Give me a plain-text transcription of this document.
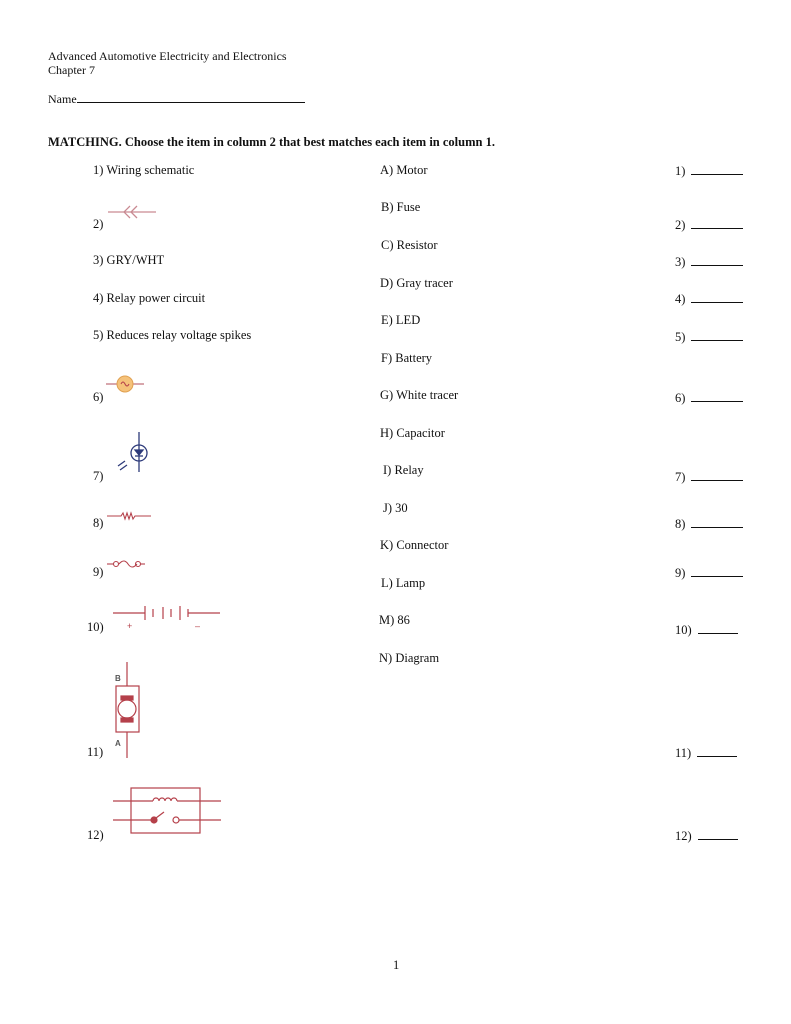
Advanced Automotive Electricity and Electronics
Chapter 7
Name
MATCHING. Choose the item in column 2 that best matches each item in column 1.
1) Wiring schematic
2)
3) GRY/WHT
4) Relay power circuit
5) Reduces relay voltage spikes
6)
7)
8)
9)
10)
11)
12)
+	–
B
A
A) Motor
B) Fuse
C) Resistor
D) Gray tracer
E) LED
F) Battery
G) White tracer
H) Capacitor
I) Relay
J) 30
K) Connector
L) Lamp
M) 86
N) Diagram
1)
2)
3)
4)
5)
6)
7)
8)
9)
10)
11)
12)
1
